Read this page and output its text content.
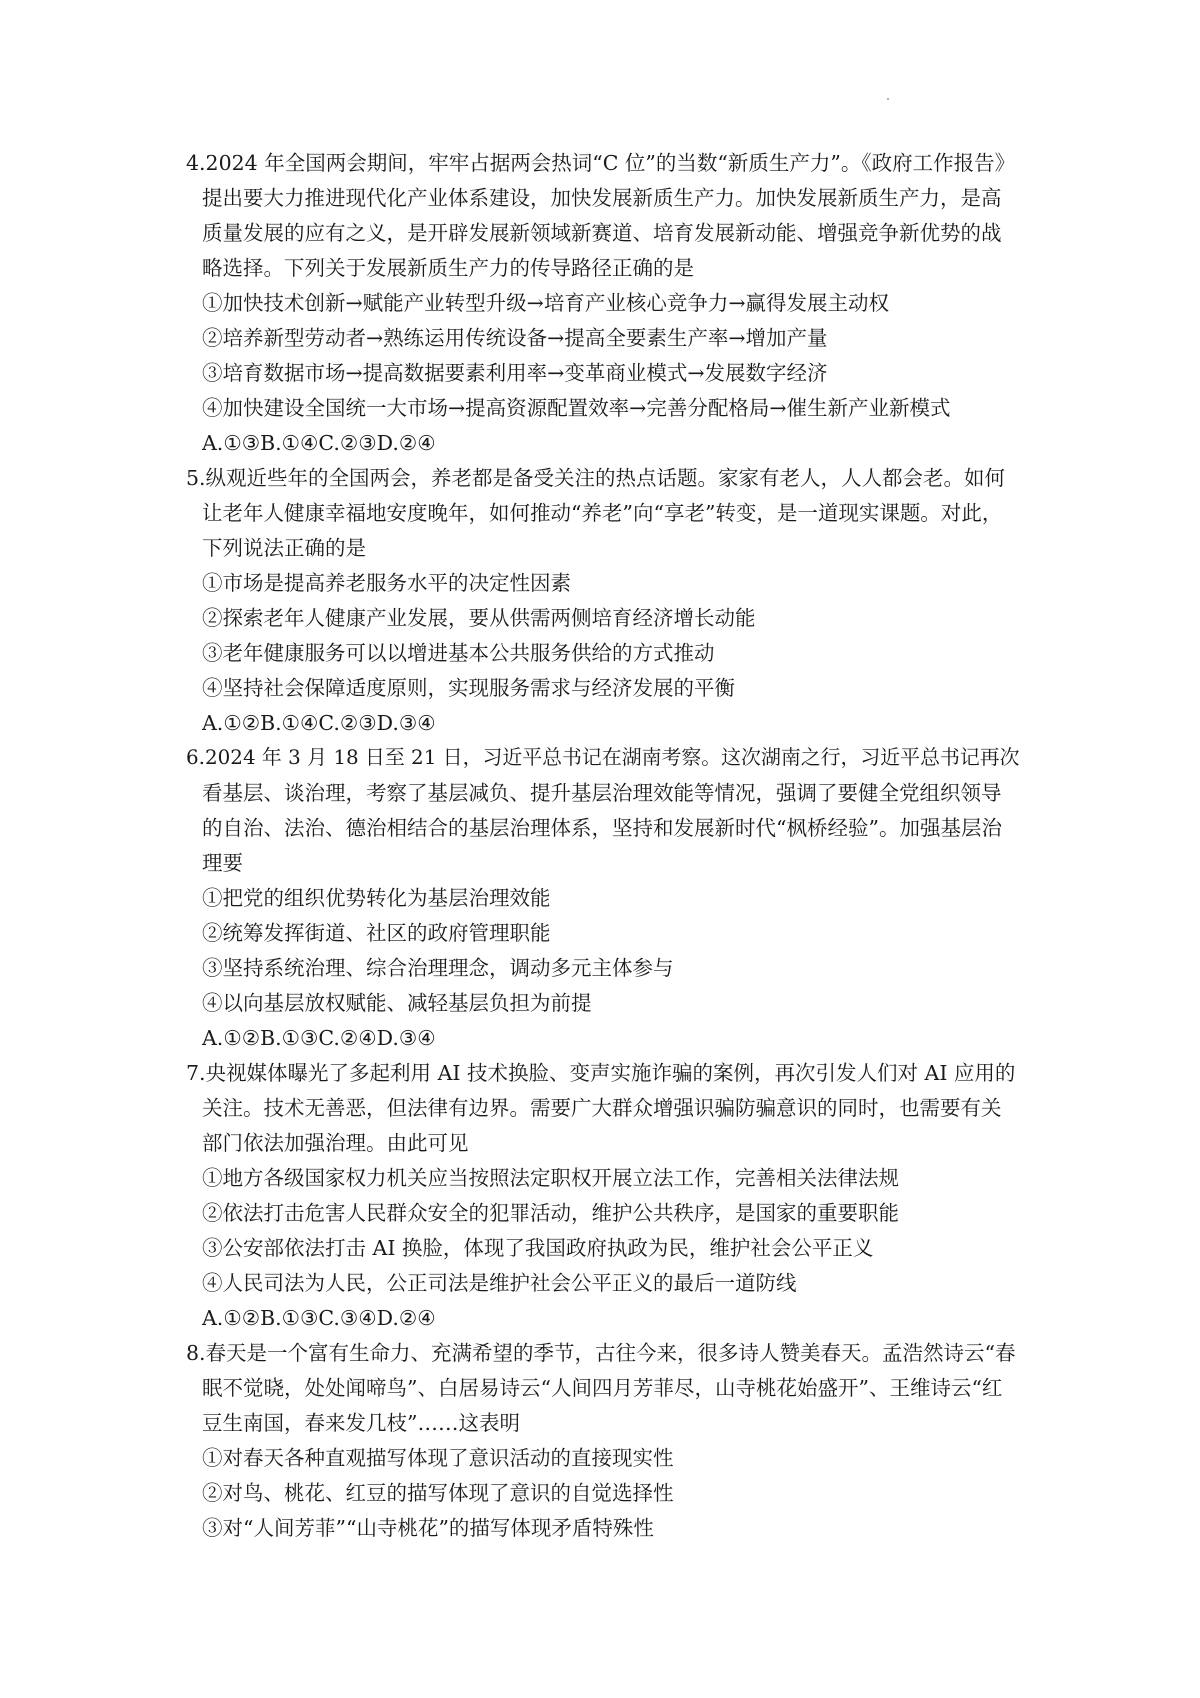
4.2024 年全国两会期间，牢牢占据两会热词“C 位”的当数“新质生产力”。《政府工作报告》
提出要大力推进现代化产业体系建设，加快发展新质生产力。加快发展新质生产力，是高
质量发展的应有之义，是开辟发展新领域新赛道、培育发展新动能、增强竞争新优势的战
略选择。下列关于发展新质生产力的传导路径正确的是
①加快技术创新→赋能产业转型升级→培育产业核心竞争力→赢得发展主动权
②培养新型劳动者→熟练运用传统设备→提高全要素生产率→增加产量
③培育数据市场→提高数据要素利用率→变革商业模式→发展数字经济
④加快建设全国统一大市场→提高资源配置效率→完善分配格局→催生新产业新模式
A.①③B.①④C.②③D.②④
5.纵观近些年的全国两会，养老都是备受关注的热点话题。家家有老人，人人都会老。如何
让老年人健康幸福地安度晚年，如何推动“养老”向“享老”转变，是一道现实课题。对此，
下列说法正确的是
①市场是提高养老服务水平的决定性因素
②探索老年人健康产业发展，要从供需两侧培育经济增长动能
③老年健康服务可以以增进基本公共服务供给的方式推动
④坚持社会保障适度原则，实现服务需求与经济发展的平衡
A.①②B.①④C.②③D.③④
6.2024 年 3 月 18 日至 21 日，习近平总书记在湖南考察。这次湖南之行，习近平总书记再次
看基层、谈治理，考察了基层减负、提升基层治理效能等情况，强调了要健全党组织领导
的自治、法治、德治相结合的基层治理体系，坚持和发展新时代“枫桥经验”。加强基层治
理要
①把党的组织优势转化为基层治理效能
②统筹发挥街道、社区的政府管理职能
③坚持系统治理、综合治理理念，调动多元主体参与
④以向基层放权赋能、减轻基层负担为前提
A.①②B.①③C.②④D.③④
7.央视媒体曝光了多起利用 AI 技术换脸、变声实施诈骗的案例，再次引发人们对 AI 应用的
关注。技术无善恶，但法律有边界。需要广大群众增强识骗防骗意识的同时，也需要有关
部门依法加强治理。由此可见
①地方各级国家权力机关应当按照法定职权开展立法工作，完善相关法律法规
②依法打击危害人民群众安全的犯罪活动，维护公共秩序，是国家的重要职能
③公安部依法打击 AI 换脸，体现了我国政府执政为民，维护社会公平正义
④人民司法为人民，公正司法是维护社会公平正义的最后一道防线
A.①②B.①③C.③④D.②④
8.春天是一个富有生命力、充满希望的季节，古往今来，很多诗人赞美春天。孟浩然诗云“春
眠不觉晓，处处闻啼鸟”、白居易诗云“人间四月芳菲尽，山寺桃花始盛开”、王维诗云“红
豆生南国，春来发几枝”……这表明
①对春天各种直观描写体现了意识活动的直接现实性
②对鸟、桃花、红豆的描写体现了意识的自觉选择性
③对“人间芳菲”“山寺桃花”的描写体现矛盾特殊性
